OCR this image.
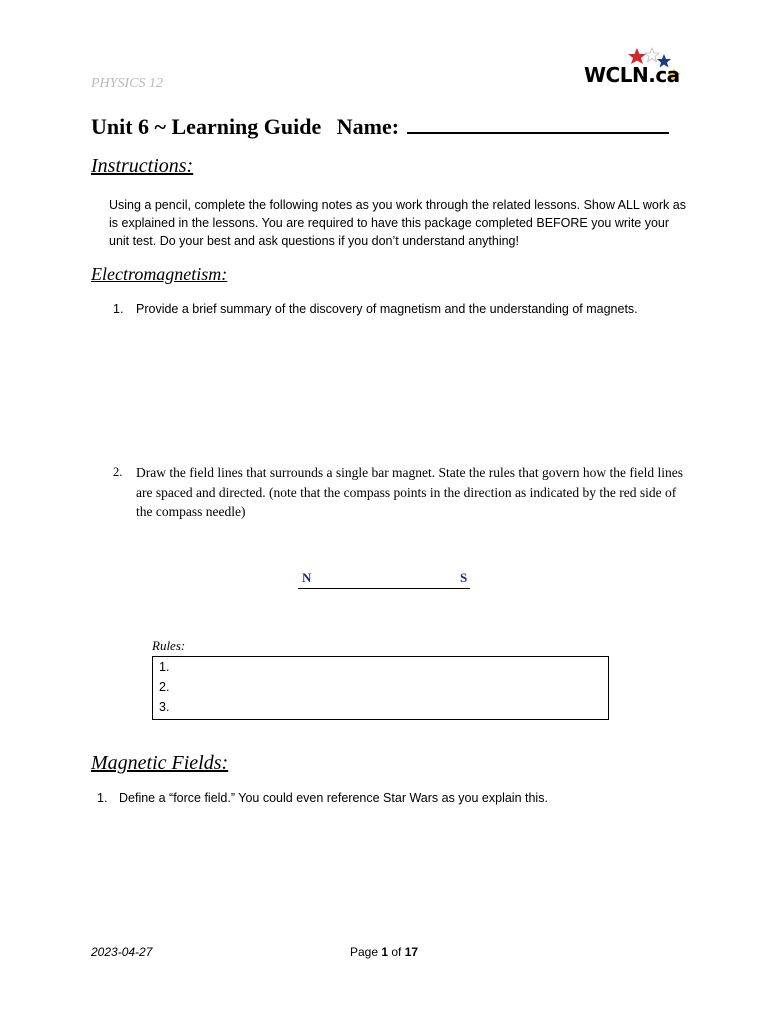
PHYSICS 12	WCLN.ca
Unit 6 ~ Learning Guide Name:
Instructions:
Using a pencil, complete the following notes as you work through the related lessons. Show ALL work as is explained in the lessons. You are required to have this package completed BEFORE you write your unit test. Do your best and ask questions if you don’t understand anything!
Electromagnetism:
1. Provide a brief summary of the discovery of magnetism and the understanding of magnets.
2. Draw the field lines that surrounds a single bar magnet. State the rules that govern how the field lines are spaced and directed. (note that the compass points in the direction as indicated by the red side of the compass needle)
N	S
Rules:
1.
2.
3.
Magnetic Fields:
1. Define a “force field.” You could even reference Star Wars as you explain this.
2023-04-27	Page 1 of 17
